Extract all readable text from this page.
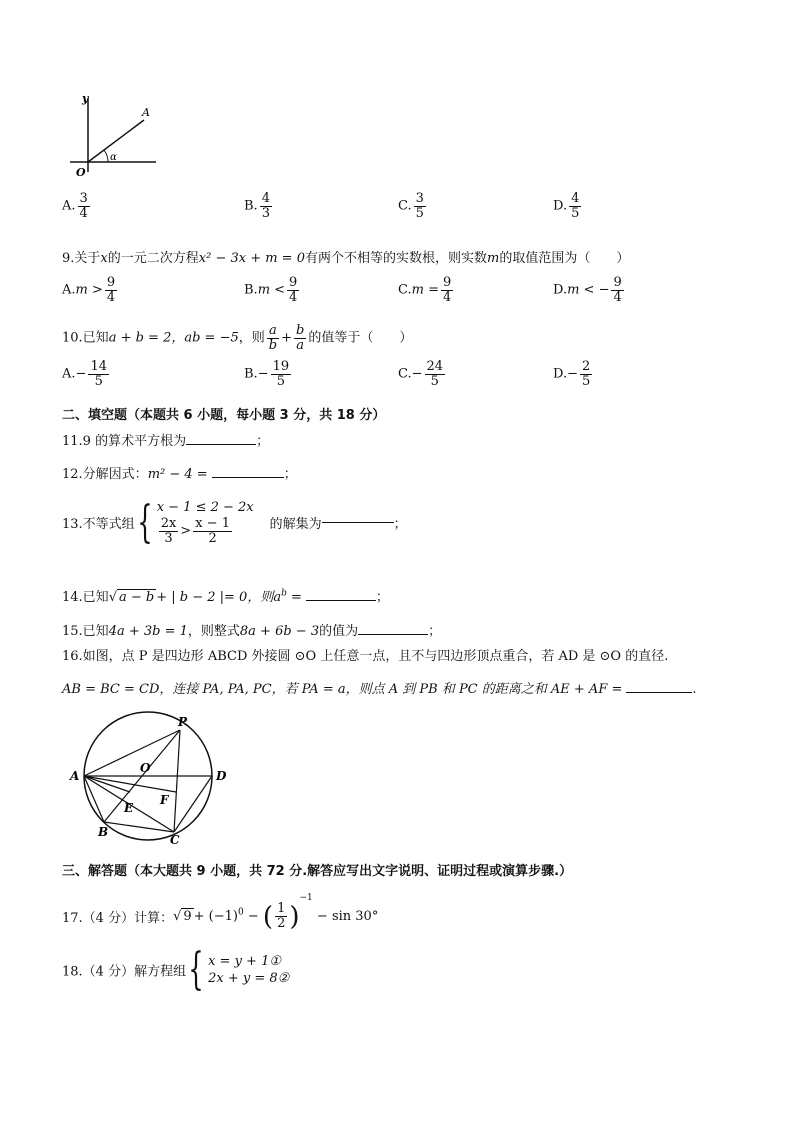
y
O
A
α
A. $\frac{3}{4}$	B. $\frac{4}{3}$	C. $\frac{3}{5}$	D. $\frac{4}{5}$
9.关于x的一元二次方程x² − 3x + m = 0有两个不相等的实数根，则实数m的取值范围为（　　）
$A.m > \frac{9}{4}$	$B.m < \frac{9}{4}$	$C.m = \frac{9}{4}$	D.m < − $\frac{9}{4}$
10.已知a + b = 2，ab = −5，则 $\frac{a}{b} + \frac{b}{a}$ 的值等于（　　）
$A.- \frac{14}{5}$	$B.- \frac{19}{5}$	$C.- \frac{24}{5}$	$D.- \frac{2}{5}$
二、填空题（本题共 6 小题，每小题 3 分，共 18 分）
11.9 的算术平方根为	；
12.分解因式：m² − 4 =	；
13.不等式组{ x − 1 ≤ 2 − 2x
$\frac{2x}{3} > \frac{x - 1}{2}$	的解集为	；
14.已知√ a − b + | b − 2 |= 0，则$a^b$ =	；
15.已知4a + 3b = 1，则整式8a + 6b − 3的值为	；
16.如图，点 P 是四边形 ABCD 外接圆 ⊙O 上任意一点，且不与四边形顶点重合，若 AD 是 ⊙O 的直径.
AB = BC = CD，连接 PA, PA, PC，若 PA = a，则点 A 到 PB 和 PC 的距离之和 AE + AF =	.
A
B
C
D
P
O
E
F
三、解答题（本大题共 9 小题，共 72 分.解答应写出文字说明、证明过程或演算步骤.）
17.（4 分）计算：√ $9 + (-1)^0$ − ( $\frac{1}{2} )^{-1} - \sin 30^\circ$
18.（4 分）解方程组{ x = y + 1①
2x + y = 8②
